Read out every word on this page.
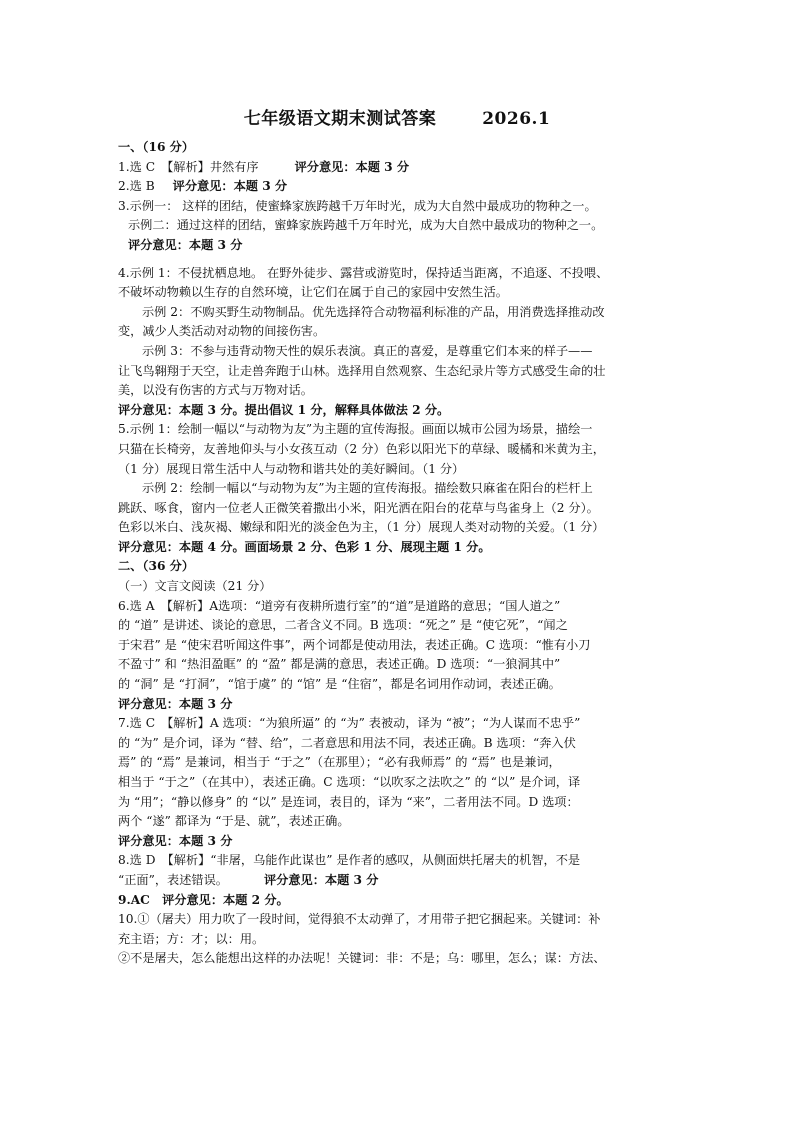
七年级语文期末测试答案	2026.1

一、（16 分）

1.选 C　【解析】井然有序	评分意见：本题 3 分

2.选 B 评分意见：本题 3 分

3.示例一： 这样的团结，使蜜蜂家族跨越千万年时光，成为大自然中最成功的物种之一。

示例二：通过这样的团结，蜜蜂家族跨越千万年时光，成为大自然中最成功的物种之一。

评分意见：本题 3 分

4.示例 1：不侵扰栖息地。 在野外徒步、露营或游览时，保持适当距离，不追逐、不投喂、

不破坏动物赖以生存的自然环境，让它们在属于自己的家园中安然生活。

示例 2：不购买野生动物制品。优先选择符合动物福利标准的产品，用消费选择推动改

变，减少人类活动对动物的间接伤害。

示例 3：不参与违背动物天性的娱乐表演。真正的喜爱，是尊重它们本来的样子——

让飞鸟翱翔于天空，让走兽奔跑于山林。选择用自然观察、生态纪录片等方式感受生命的壮

美，以没有伤害的方式与万物对话。

评分意见：本题 3 分。提出倡议 1 分，解释具体做法 2 分。

5.示例 1：绘制一幅以“与动物为友”为主题的宣传海报。画面以城市公园为场景，描绘一

只猫在长椅旁，友善地仰头与小女孩互动（2 分）色彩以阳光下的草绿、暖橘和米黄为主，

（1 分）展现日常生活中人与动物和谐共处的美好瞬间。（1 分）

示例 2：绘制一幅以“与动物为友”为主题的宣传海报。描绘数只麻雀在阳台的栏杆上

跳跃、啄食，窗内一位老人正微笑着撒出小米，阳光洒在阳台的花草与鸟雀身上（2 分）。

色彩以米白、浅灰褐、嫩绿和阳光的淡金色为主，（1 分）展现人类对动物的关爱。（1 分）

评分意见：本题 4 分。画面场景 2 分、色彩 1 分、展现主题 1 分。

二、（36 分）

（一）文言文阅读（21 分）

6.选 A　【解析】A选项：“道旁有夜耕所遗行室”的“道”是道路的意思；“国人道之”

的 “道” 是讲述、谈论的意思，二者含义不同。B 选项：“死之” 是 “使它死”，“闻之

于宋君” 是 “使宋君听闻这件事”，两个词都是使动用法，表述正确。C 选项：“惟有小刀

不盈寸” 和 “热泪盈眶” 的 “盈” 都是满的意思，表述正确。D 选项：“一狼洞其中”

的 “洞” 是 “打洞”，“馆于虞” 的 “馆” 是 “住宿”，都是名词用作动词，表述正确。

评分意见：本题 3 分

7.选 C　【解析】A 选项：“为狼所逼” 的 “为” 表被动，译为 “被”；“为人谋而不忠乎”

的 “为” 是介词，译为 “替、给”，二者意思和用法不同，表述正确。B 选项：“奔入伏

焉” 的 “焉” 是兼词，相当于 “于之”（在那里）；“必有我师焉” 的 “焉” 也是兼词，

相当于 “于之”（在其中），表述正确。C 选项：“以吹豕之法吹之” 的 “以” 是介词，译

为 “用”；“静以修身” 的 “以” 是连词，表目的，译为 “来”，二者用法不同。D 选项：

两个 “遂” 都译为 “于是、就”，表述正确。

评分意见：本题 3 分

8.选 D　【解析】“非屠，乌能作此谋也” 是作者的感叹，从侧面烘托屠夫的机智，不是

“正面”，表述错误。	评分意见：本题 3 分

9.AC　评分意见：本题 2 分。

10.①（屠夫）用力吹了一段时间，觉得狼不太动弹了，才用带子把它捆起来。关键词：补

充主语；方：才；以：用。

②不是屠夫，怎么能想出这样的办法呢！关键词：非：不是；乌：哪里，怎么；谋：方法、
